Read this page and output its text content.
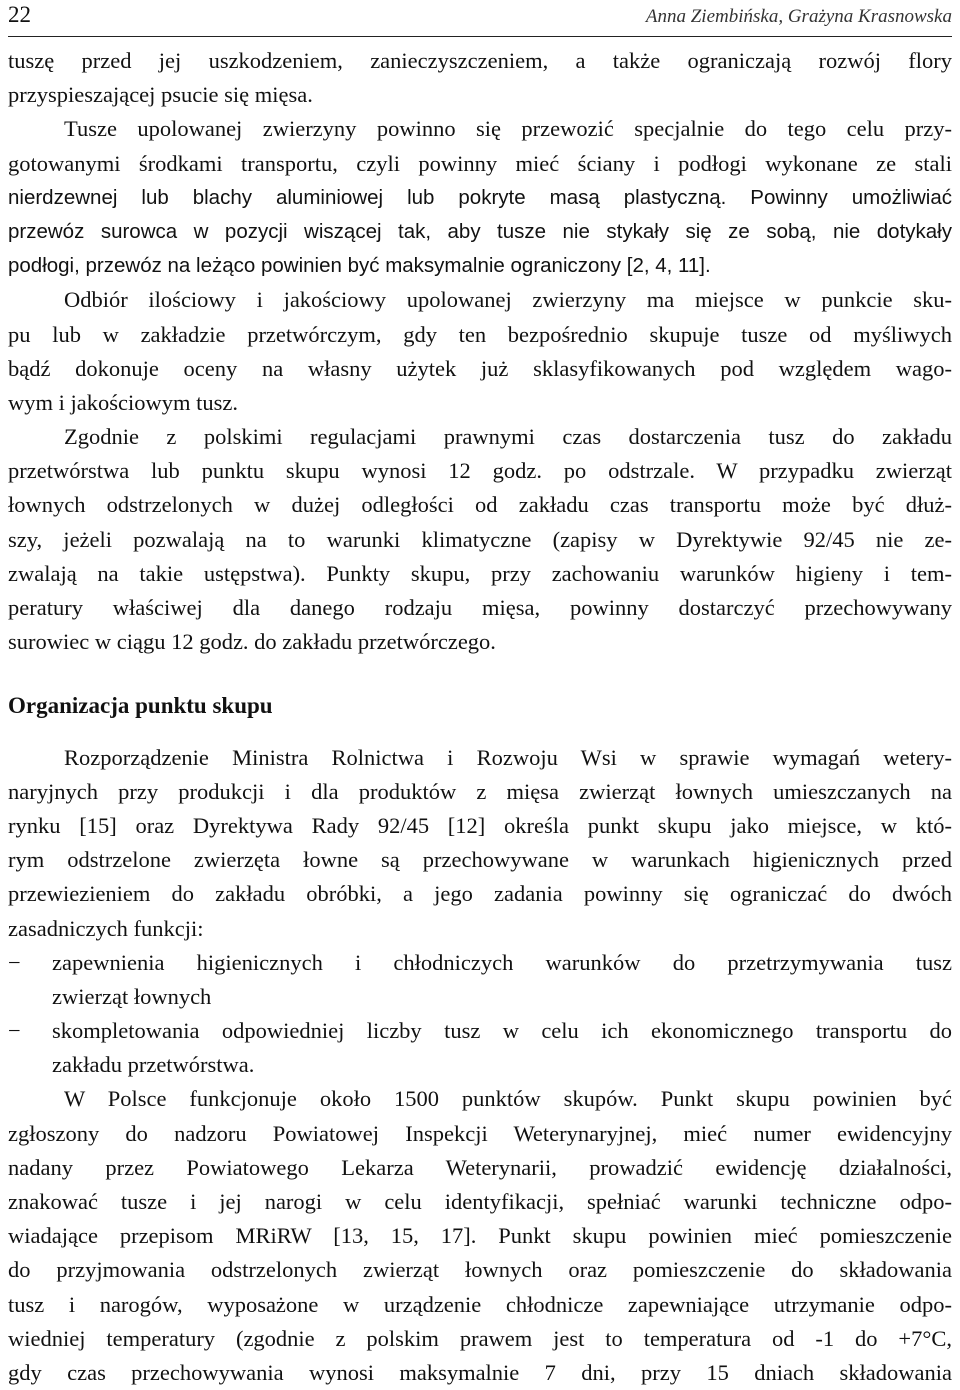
22	Anna Ziembińska, Grażyna Krasnowska
tuszę przed jej uszkodzeniem, zanieczyszczeniem, a także ograniczają rozwój flory
przyspieszającej psucie się mięsa.
Tusze upolowanej zwierzyny powinno się przewozić specjalnie do tego celu przy-
gotowanymi środkami transportu, czyli powinny mieć ściany i podłogi wykonane ze stali
nierdzewnej lub blachy aluminiowej lub pokryte masą plastyczną. Powinny umożliwiać
przewóz surowca w pozycji wiszącej tak, aby tusze nie stykały się ze sobą, nie dotykały
podłogi, przewóz na leżąco powinien być maksymalnie ograniczony [2, 4, 11].
Odbiór ilościowy i jakościowy upolowanej zwierzyny ma miejsce w punkcie sku-
pu lub w zakładzie przetwórczym, gdy ten bezpośrednio skupuje tusze od myśliwych
bądź dokonuje oceny na własny użytek już sklasyfikowanych pod względem wago-
wym i jakościowym tusz.
Zgodnie z polskimi regulacjami prawnymi czas dostarczenia tusz do zakładu
przetwórstwa lub punktu skupu wynosi 12 godz. po odstrzale. W przypadku zwierząt
łownych odstrzelonych w dużej odległości od zakładu czas transportu może być dłuż-
szy, jeżeli pozwalają na to warunki klimatyczne (zapisy w Dyrektywie 92/45 nie ze-
zwalają na takie ustępstwa). Punkty skupu, przy zachowaniu warunków higieny i tem-
peratury właściwej dla danego rodzaju mięsa, powinny dostarczyć przechowywany
surowiec w ciągu 12 godz. do zakładu przetwórczego.
Organizacja punktu skupu
Rozporządzenie Ministra Rolnictwa i Rozwoju Wsi w sprawie wymagań wetery-
naryjnych przy produkcji i dla produktów z mięsa zwierząt łownych umieszczanych na
rynku [15] oraz Dyrektywa Rady 92/45 [12] określa punkt skupu jako miejsce, w któ-
rym odstrzelone zwierzęta łowne są przechowywane w warunkach higienicznych przed
przewiezieniem do zakładu obróbki, a jego zadania powinny się ograniczać do dwóch
zasadniczych funkcji:
− zapewnienia higienicznych i chłodniczych warunków do przetrzymywania tusz
zwierząt łownych
− skompletowania odpowiedniej liczby tusz w celu ich ekonomicznego transportu do
zakładu przetwórstwa.
W Polsce funkcjonuje około 1500 punktów skupów. Punkt skupu powinien być
zgłoszony do nadzoru Powiatowej Inspekcji Weterynaryjnej, mieć numer ewidencyjny
nadany przez Powiatowego Lekarza Weterynarii, prowadzić ewidencję działalności,
znakować tusze i jej narogi w celu identyfikacji, spełniać warunki techniczne odpo-
wiadające przepisom MRiRW [13, 15, 17]. Punkt skupu powinien mieć pomieszczenie
do przyjmowania odstrzelonych zwierząt łownych oraz pomieszczenie do składowania
tusz i narogów, wyposażone w urządzenie chłodnicze zapewniające utrzymanie odpo-
wiedniej temperatury (zgodnie z polskim prawem jest to temperatura od -1 do +7°C,
gdy czas przechowywania wynosi maksymalnie 7 dni, przy 15 dniach składowania
